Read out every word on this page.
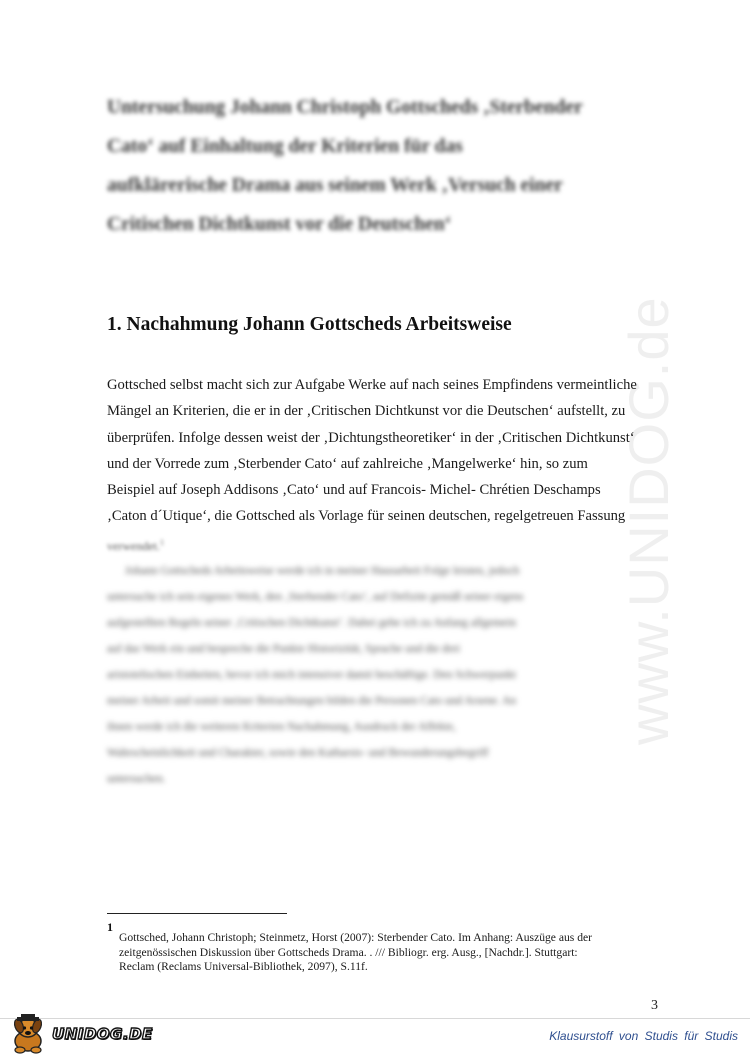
www.UNIDOG.de
Untersuchung Johann Christoph Gottscheds ‚Sterbender
Cato‘ auf Einhaltung der Kriterien für das
aufklärerische Drama aus seinem Werk ‚Versuch einer
Critischen Dichtkunst vor die Deutschen‘
1. Nachahmung Johann Gottscheds Arbeitsweise
Gottsched selbst macht sich zur Aufgabe Werke auf nach seines Empfindens vermeintliche
Mängel an Kriterien, die er in der ‚Critischen Dichtkunst vor die Deutschen‘ aufstellt, zu
überprüfen. Infolge dessen weist der ‚Dichtungstheoretiker‘ in der ‚Critischen Dichtkunst‘
und der Vorrede zum ‚Sterbender Cato‘ auf zahlreiche ‚Mangelwerke‘ hin, so zum
Beispiel auf Joseph Addisons ‚Cato‘ und auf Francois- Michel- Chrétien Deschamps
‚Caton d´Utique‘, die Gottsched als Vorlage für seinen deutschen, regelgetreuen Fassung
verwendet.$^1$
Johann Gottscheds Arbeitsweise werde ich in meiner Hausarbeit Folge leisten, jedoch
untersuche ich sein eigenes Werk, den ‚Sterbender Cato‘, auf Defizite gemäß seiner eigens
aufgestellten Regeln seiner ‚Critischen Dichtkunst‘. Dabei gehe ich zu Anfang allgemein
auf das Werk ein und bespreche die Punkte Historizität, Sprache und die drei
aristotelischen Einheiten, bevor ich mich intensiver damit beschäftige. Den Schwerpunkt
meiner Arbeit und somit meiner Betrachtungen bilden die Personen Cato und Arsene. An
ihnen werde ich die weiteren Kriterien Nachahmung, Ausdruck der Affekte,
Wahrscheinlichkeit und Charakter, sowie den Katharsis- und Bewunderungsbegriff
untersuchen.
1
Gottsched, Johann Christoph; Steinmetz, Horst (2007): Sterbender Cato. Im Anhang: Auszüge aus der
zeitgenössischen Diskussion über Gottscheds Drama. . /// Bibliogr. erg. Ausg., [Nachdr.]. Stuttgart:
Reclam (Reclams Universal-Bibliothek, 2097), S.11f.
3
UNIDOG.DE	Klausurstoff von Studis für Studis
